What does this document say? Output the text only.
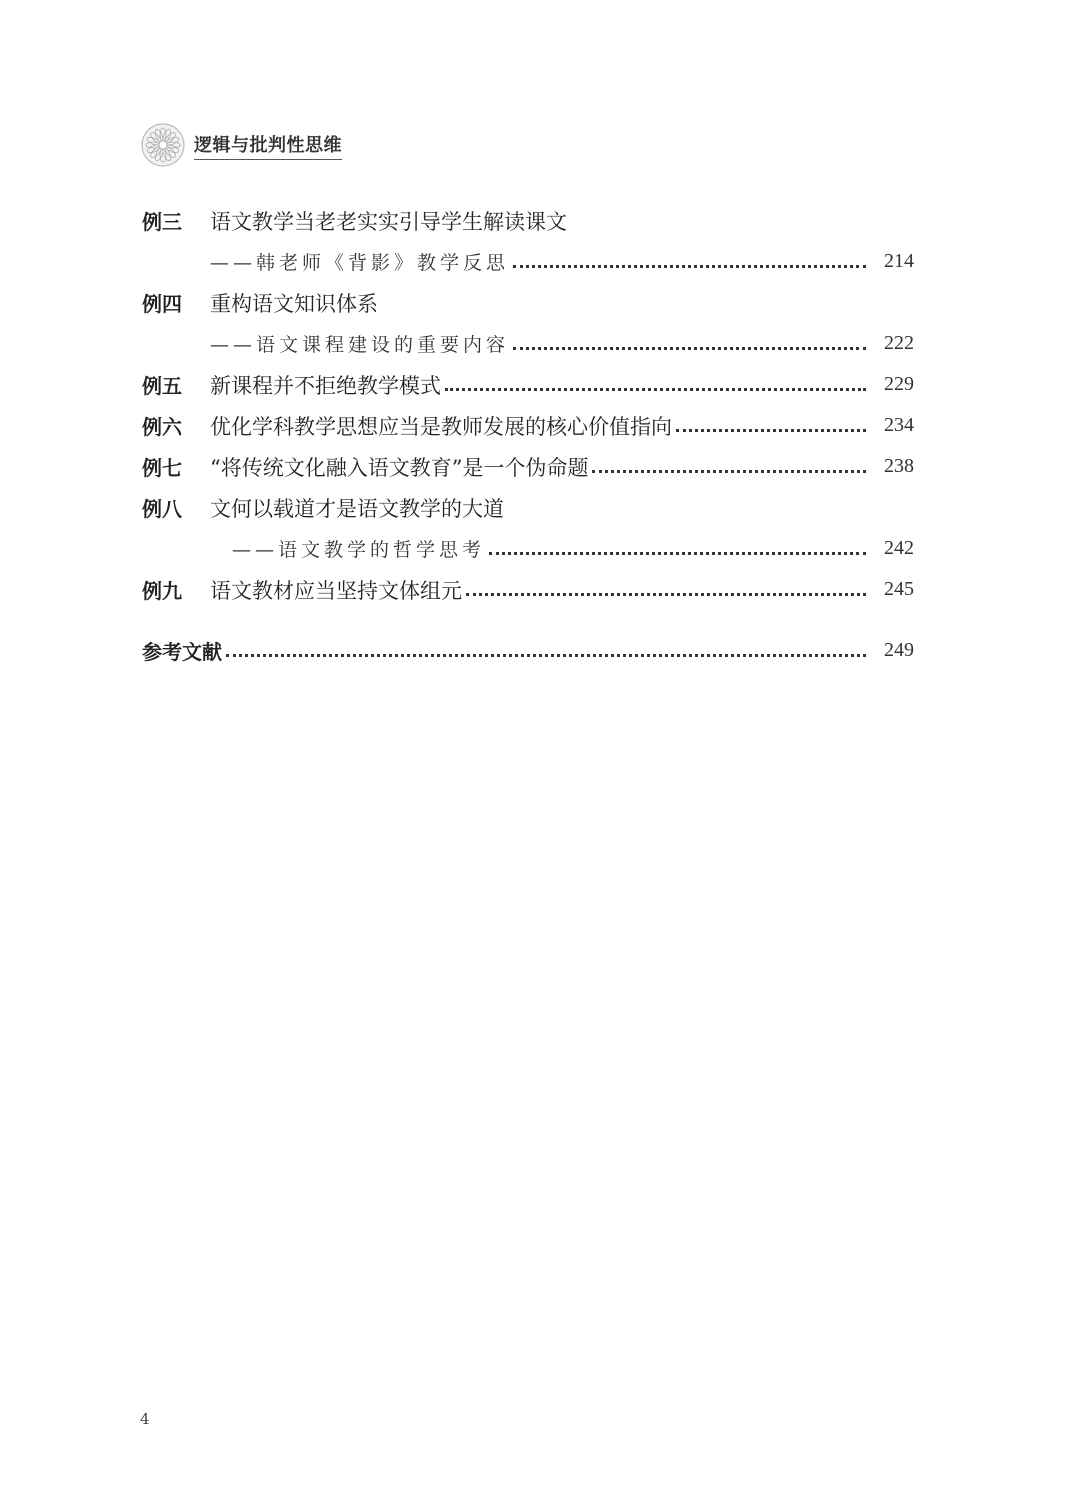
逻辑与批判性思维
例三	语文教学当老老实实引导学生解读课文
——韩老师《背影》教学反思	214
例四	重构语文知识体系
——语文课程建设的重要内容	222
例五	新课程并不拒绝教学模式	229
例六	优化学科教学思想应当是教师发展的核心价值指向	234
例七	“将传统文化融入语文教育”是一个伪命题	238
例八	文何以载道才是语文教学的大道
——语文教学的哲学思考	242
例九	语文教材应当坚持文体组元	245
参考文献	249
4
